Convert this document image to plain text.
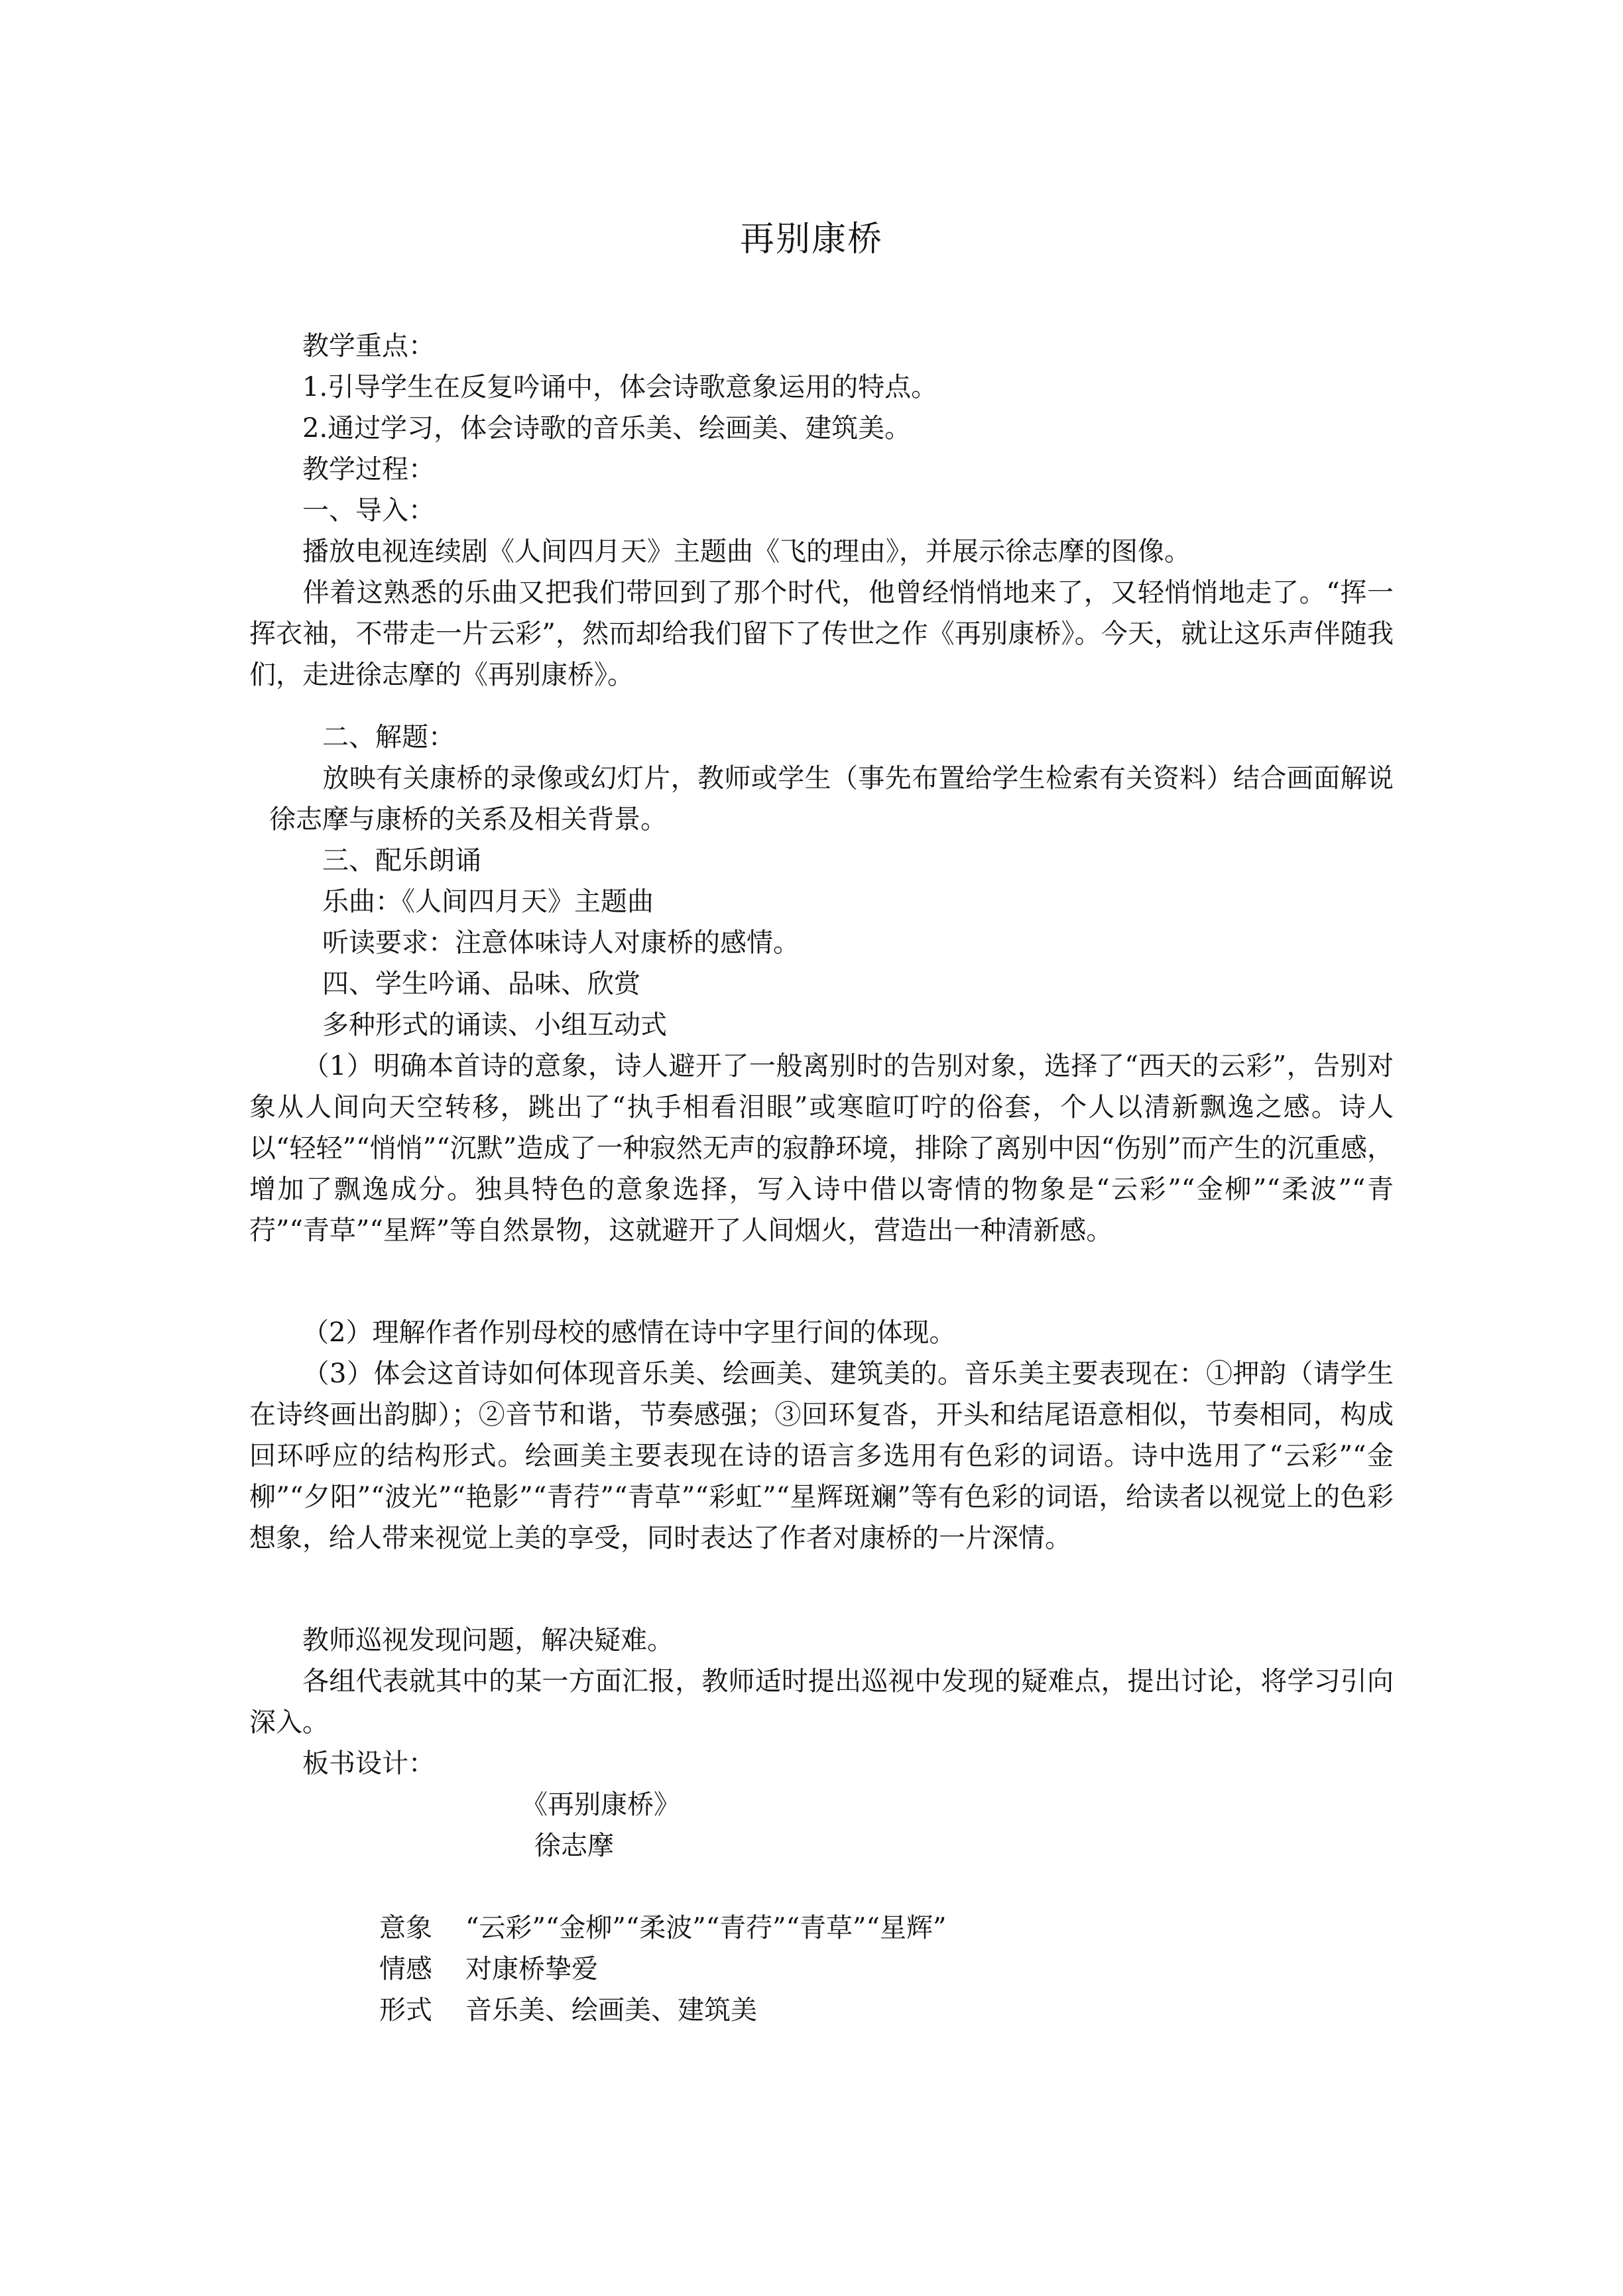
再别康桥
教学重点：
1.引导学生在反复吟诵中，体会诗歌意象运用的特点。
2.通过学习，体会诗歌的音乐美、绘画美、建筑美。
教学过程：
一、导入：
播放电视连续剧《人间四月天》主题曲《飞的理由》，并展示徐志摩的图像。
伴着这熟悉的乐曲又把我们带回到了那个时代，他曾经悄悄地来了，又轻悄悄地走了。“挥一挥衣袖，不带走一片云彩”，然而却给我们留下了传世之作《再别康桥》。今天，就让这乐声伴随我们，走进徐志摩的《再别康桥》。
二、解题：
放映有关康桥的录像或幻灯片，教师或学生（事先布置给学生检索有关资料）结合画面解说徐志摩与康桥的关系及相关背景。
三、配乐朗诵
乐曲：《人间四月天》主题曲
听读要求：注意体味诗人对康桥的感情。
四、学生吟诵、品味、欣赏
多种形式的诵读、小组互动式
（1）明确本首诗的意象，诗人避开了一般离别时的告别对象，选择了“西天的云彩”，告别对象从人间向天空转移，跳出了“执手相看泪眼”或寒暄叮咛的俗套，个人以清新飘逸之感。诗人以“轻轻”“悄悄”“沉默”造成了一种寂然无声的寂静环境，排除了离别中因“伤别”而产生的沉重感，增加了飘逸成分。独具特色的意象选择，写入诗中借以寄情的物象是“云彩”“金柳”“柔波”“青荇”“青草”“星辉”等自然景物，这就避开了人间烟火，营造出一种清新感。
（2）理解作者作别母校的感情在诗中字里行间的体现。
（3）体会这首诗如何体现音乐美、绘画美、建筑美的。音乐美主要表现在：①押韵（请学生在诗终画出韵脚）；②音节和谐，节奏感强；③回环复沓，开头和结尾语意相似，节奏相同，构成回环呼应的结构形式。绘画美主要表现在诗的语言多选用有色彩的词语。诗中选用了“云彩”“金柳”“夕阳”“波光”“艳影”“青荇”“青草”“彩虹”“星辉斑斓”等有色彩的词语，给读者以视觉上的色彩想象，给人带来视觉上美的享受，同时表达了作者对康桥的一片深情。
教师巡视发现问题，解决疑难。
各组代表就其中的某一方面汇报，教师适时提出巡视中发现的疑难点，提出讨论，将学习引向深入。
板书设计：
《再别康桥》
徐志摩
意象 “云彩”“金柳”“柔波”“青荇”“青草”“星辉”
情感 对康桥挚爱
形式 音乐美、绘画美、建筑美
